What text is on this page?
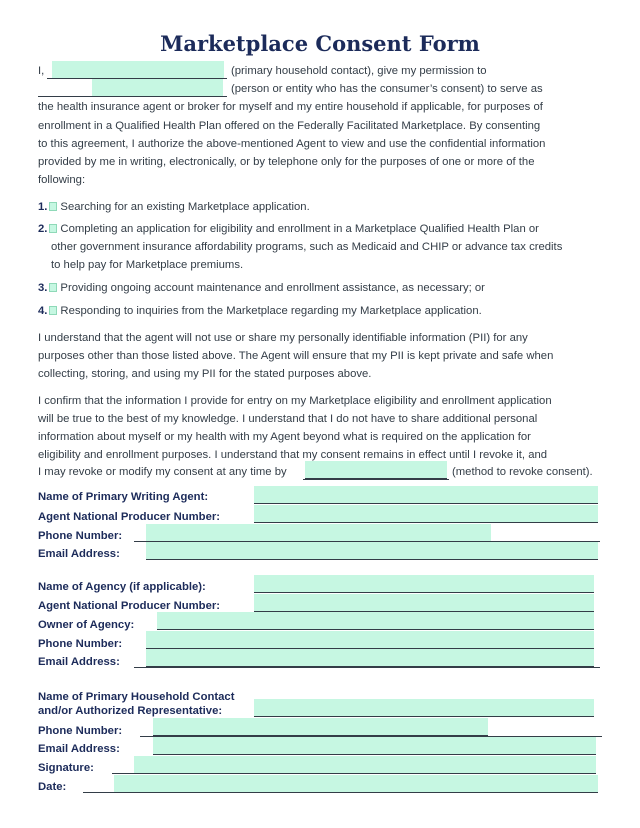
Marketplace Consent Form
I,	(primary household contact), give my permission to
(person or entity who has the consumer’s consent) to serve as
the health insurance agent or broker for myself and my entire household if applicable, for purposes of
enrollment in a Qualified Health Plan offered on the Federally Facilitated Marketplace. By consenting
to this agreement, I authorize the above-mentioned Agent to view and use the confidential information
provided by me in writing, electronically, or by telephone only for the purposes of one or more of the
following:
1. Searching for an existing Marketplace application.
2. Completing an application for eligibility and enrollment in a Marketplace Qualified Health Plan or
other government insurance affordability programs, such as Medicaid and CHIP or advance tax credits
to help pay for Marketplace premiums.
3. Providing ongoing account maintenance and enrollment assistance, as necessary; or
4. Responding to inquiries from the Marketplace regarding my Marketplace application.
I understand that the agent will not use or share my personally identifiable information (PII) for any
purposes other than those listed above. The Agent will ensure that my PII is kept private and safe when
collecting, storing, and using my PII for the stated purposes above.
I confirm that the information I provide for entry on my Marketplace eligibility and enrollment application
will be true to the best of my knowledge. I understand that I do not have to share additional personal
information about myself or my health with my Agent beyond what is required on the application for
eligibility and enrollment purposes. I understand that my consent remains in effect until I revoke it, and
I may revoke or modify my consent at any time by	(method to revoke consent).
Name of Primary Writing Agent:
Agent National Producer Number:
Phone Number:
Email Address:
Name of Agency (if applicable):
Agent National Producer Number:
Owner of Agency:
Phone Number:
Email Address:
Name of Primary Household Contact
and/or Authorized Representative:
Phone Number:
Email Address:
Signature:
Date:
